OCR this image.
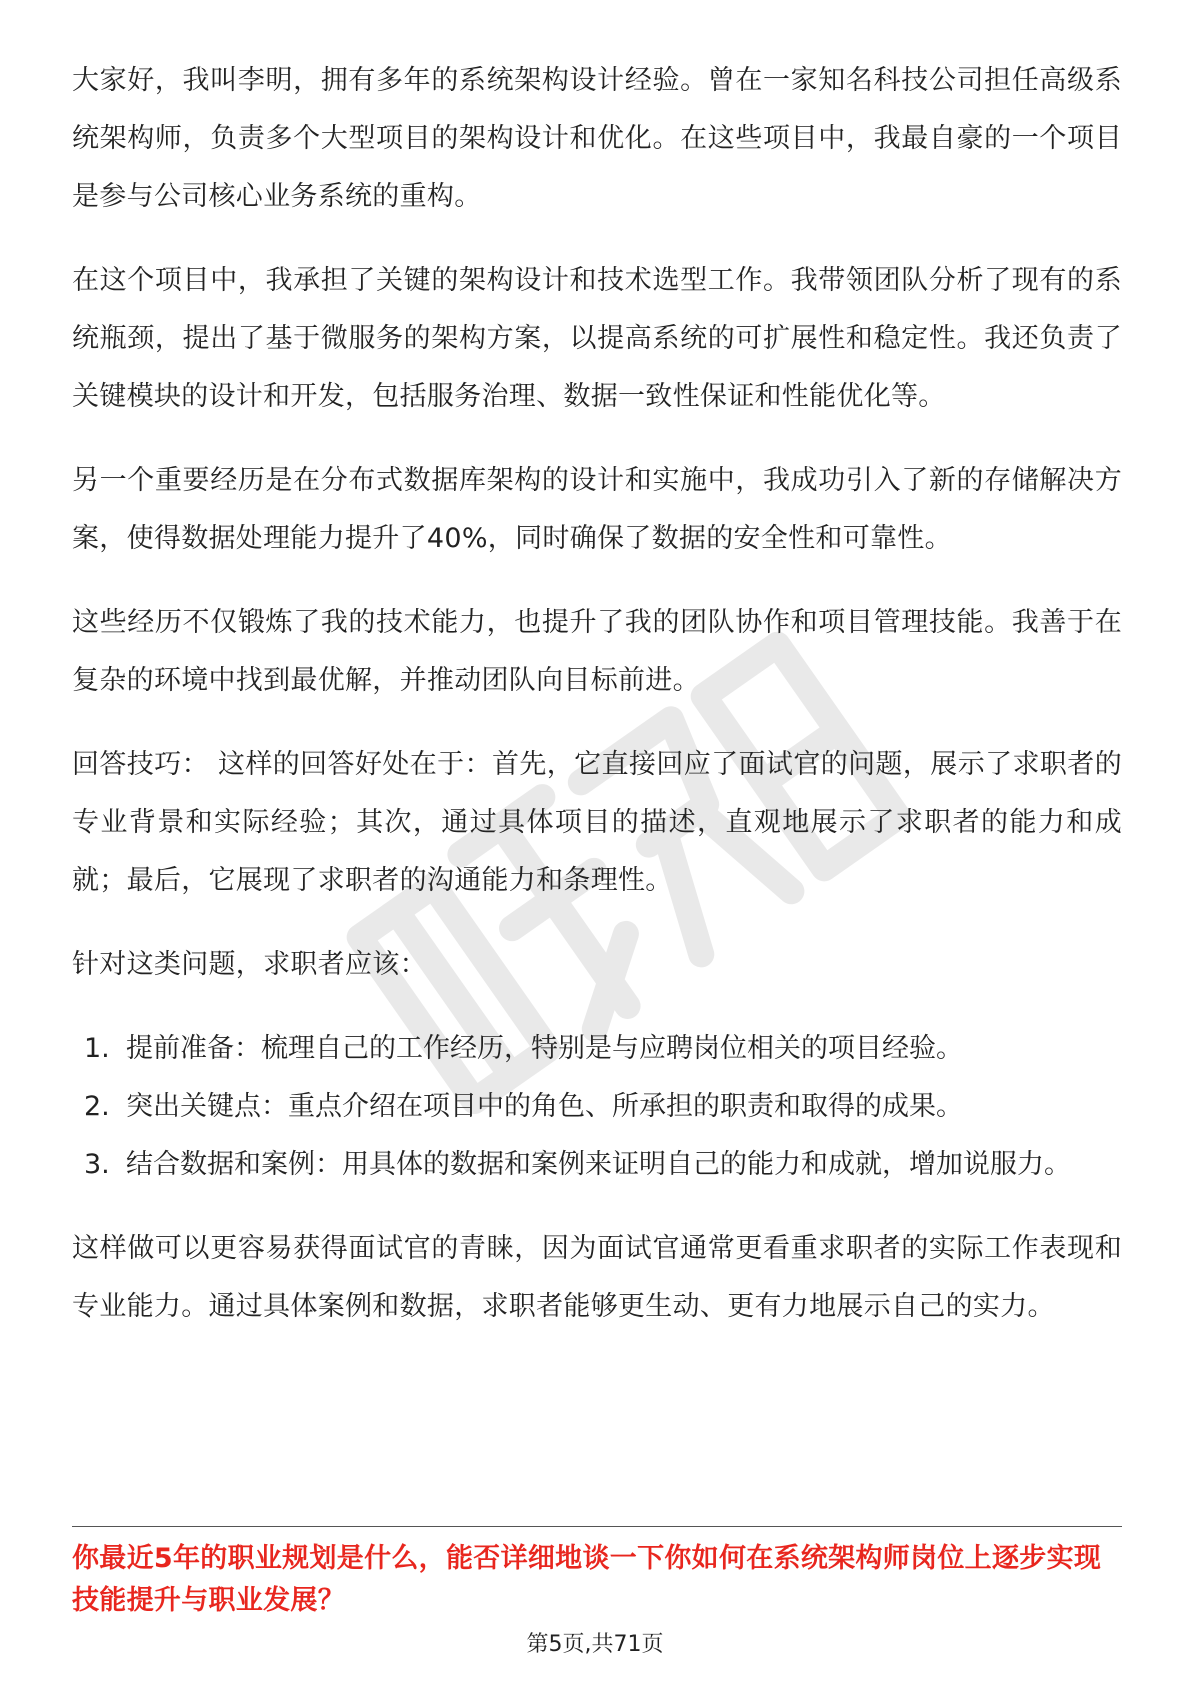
大家好，我叫李明，拥有多年的系统架构设计经验。曾在一家知名科技公司担任高级系统架构师，负责多个大型项目的架构设计和优化。在这些项目中，我最自豪的一个项目是参与公司核心业务系统的重构。

在这个项目中，我承担了关键的架构设计和技术选型工作。我带领团队分析了现有的系统瓶颈，提出了基于微服务的架构方案，以提高系统的可扩展性和稳定性。我还负责了关键模块的设计和开发，包括服务治理、数据一致性保证和性能优化等。

另一个重要经历是在分布式数据库架构的设计和实施中，我成功引入了新的存储解决方案，使得数据处理能力提升了40%，同时确保了数据的安全性和可靠性。

这些经历不仅锻炼了我的技术能力，也提升了我的团队协作和项目管理技能。我善于在复杂的环境中找到最优解，并推动团队向目标前进。

回答技巧： 这样的回答好处在于：首先，它直接回应了面试官的问题，展示了求职者的专业背景和实际经验；其次，通过具体项目的描述，直观地展示了求职者的能力和成就；最后，它展现了求职者的沟通能力和条理性。

针对这类问题，求职者应该：

1. 提前准备：梳理自己的工作经历，特别是与应聘岗位相关的项目经验。
2. 突出关键点：重点介绍在项目中的角色、所承担的职责和取得的成果。
3. 结合数据和案例：用具体的数据和案例来证明自己的能力和成就，增加说服力。

这样做可以更容易获得面试官的青睐，因为面试官通常更看重求职者的实际工作表现和专业能力。通过具体案例和数据，求职者能够更生动、更有力地展示自己的实力。

你最近5年的职业规划是什么，能否详细地谈一下你如何在系统架构师岗位上逐步实现技能提升与职业发展？
第5页,共71页
